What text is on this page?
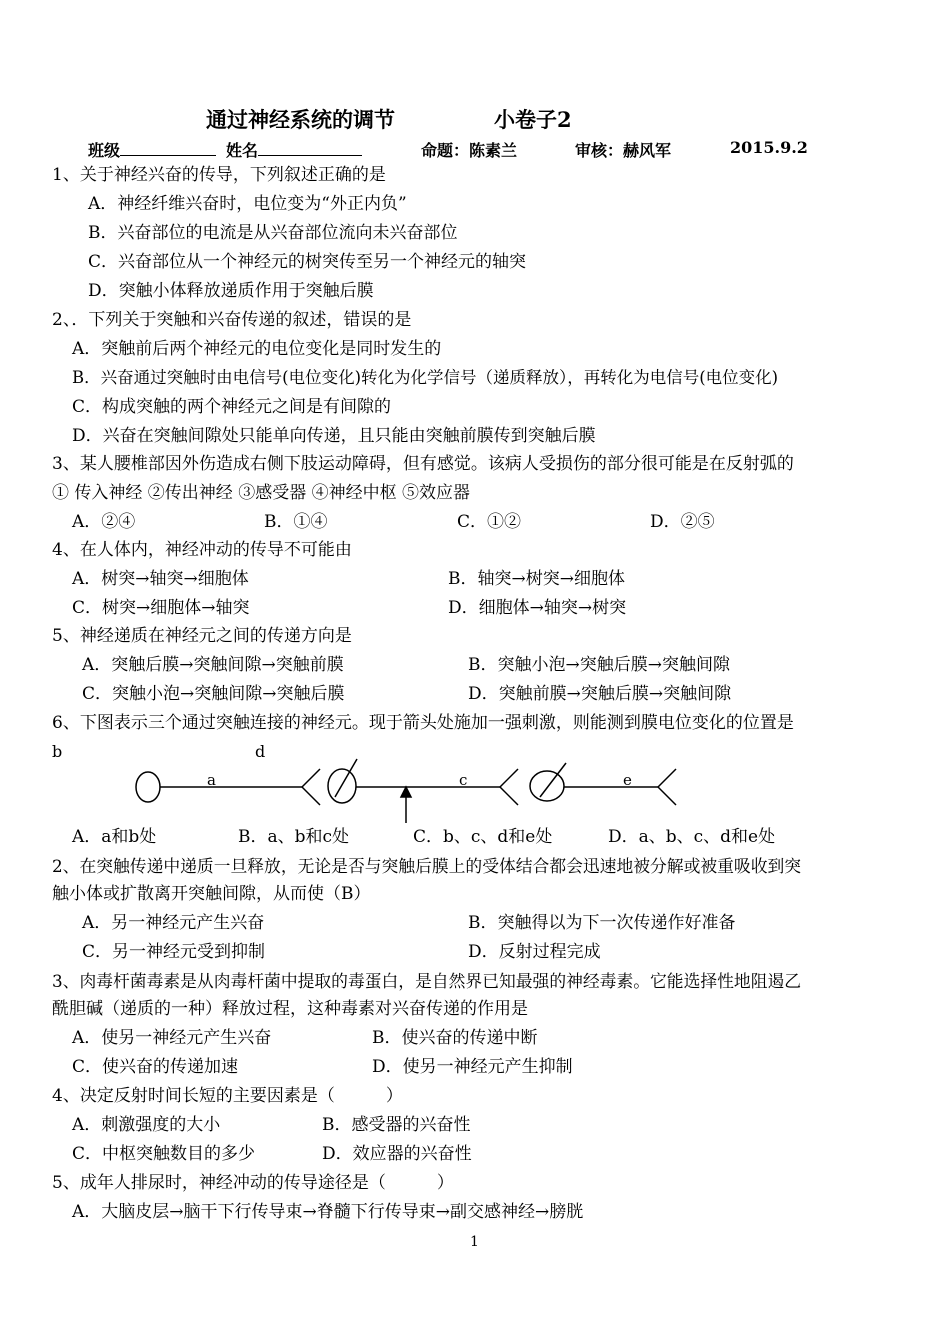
通过神经系统的调节	小卷子2
班级	姓名	命题：陈素兰	审核：赫风军	2015.9.2
1、关于神经兴奋的传导，下列叙述正确的是
A．神经纤维兴奋时，电位变为“外正内负”
B．兴奋部位的电流是从兴奋部位流向未兴奋部位
C．兴奋部位从一个神经元的树突传至另一个神经元的轴突
D．突触小体释放递质作用于突触后膜
2、．下列关于突触和兴奋传递的叙述，错误的是
A．突触前后两个神经元的电位变化是同时发生的
B．兴奋通过突触时由电信号(电位变化)转化为化学信号（递质释放），再转化为电信号(电位变化)
C．构成突触的两个神经元之间是有间隙的
D．兴奋在突触间隙处只能单向传递，且只能由突触前膜传到突触后膜
3、某人腰椎部因外伤造成右侧下肢运动障碍，但有感觉。该病人受损伤的部分很可能是在反射弧的
① 传入神经 ②传出神经 ③感受器 ④神经中枢 ⑤效应器
A．②④	B．①④	C．①②	D．②⑤
4、在人体内，神经冲动的传导不可能由
A．树突→轴突→细胞体	B．轴突→树突→细胞体
C．树突→细胞体→轴突	D．细胞体→轴突→树突
5、神经递质在神经元之间的传递方向是
A．突触后膜→突触间隙→突触前膜	B．突触小泡→突触后膜→突触间隙
C．突触小泡→突触间隙→突触后膜	D．突触前膜→突触后膜→突触间隙
6、下图表示三个通过突触连接的神经元。现于箭头处施加一强刺激，则能测到膜电位变化的位置是
b	d
a	c	e
A．a和b处	B．a、b和c处	C．b、c、d和e处	D．a、b、c、d和e处
2、在突触传递中递质一旦释放，无论是否与突触后膜上的受体结合都会迅速地被分解或被重吸收到突
触小体或扩散离开突触间隙，从而使（B）
A．另一神经元产生兴奋	B．突触得以为下一次传递作好准备
C．另一神经元受到抑制	D．反射过程完成
3、肉毒杆菌毒素是从肉毒杆菌中提取的毒蛋白，是自然界已知最强的神经毒素。它能选择性地阻遏乙
酰胆碱（递质的一种）释放过程，这种毒素对兴奋传递的作用是
A．使另一神经元产生兴奋	B．使兴奋的传递中断
C．使兴奋的传递加速	D．使另一神经元产生抑制
4、决定反射时间长短的主要因素是（　　　）
A．刺激强度的大小	B．感受器的兴奋性
C．中枢突触数目的多少	D．效应器的兴奋性
5、成年人排尿时，神经冲动的传导途径是（　　　）
A．大脑皮层→脑干下行传导束→脊髓下行传导束→副交感神经→膀胱
1
